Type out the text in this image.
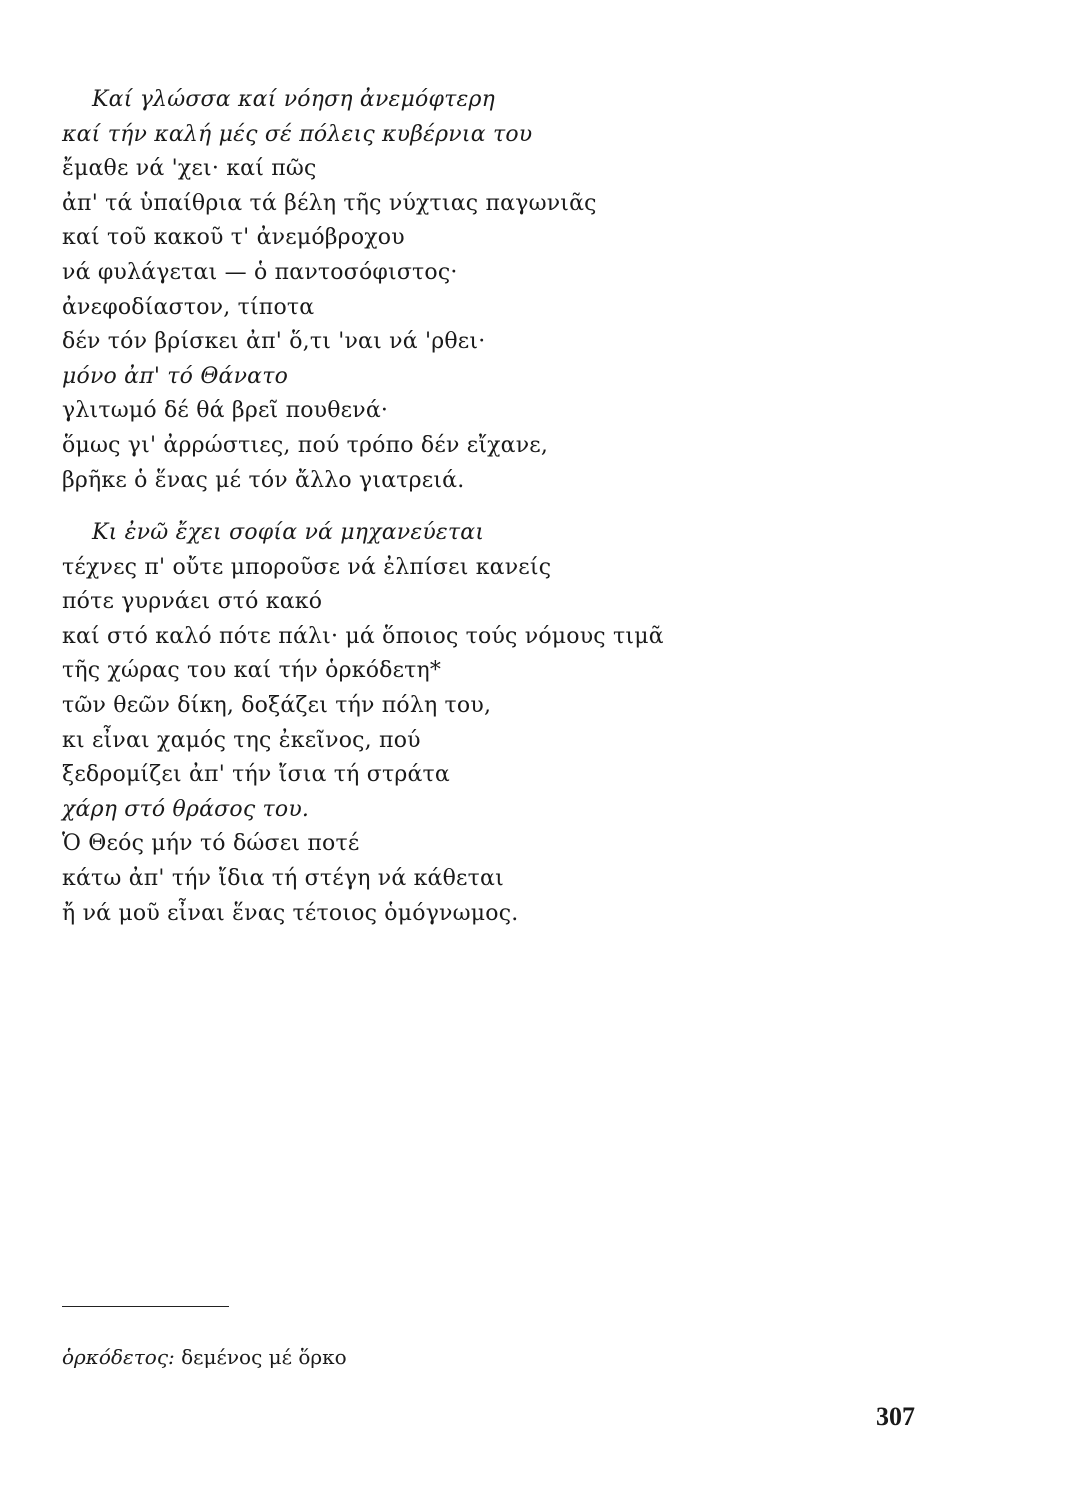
Καί γλώσσα καί νόηση ἀνεμόφτερη
καί τήν καλή μές σέ πόλεις κυβέρνια του
ἔμαθε νά 'χει· καί πῶς
ἀπ' τά ὑπαίθρια τά βέλη τῆς νύχτιας παγωνιᾶς
καί τοῦ κακοῦ τ' ἀνεμόβροχου
νά φυλάγεται — ὁ παντοσόφιστος·
ἀνεφοδίαστον, τίποτα
δέν τόν βρίσκει ἀπ' ὅ,τι 'ναι νά 'ρθει·
μόνο ἀπ' τό Θάνατο
γλιτωμό δέ θά βρεῖ πουθενά·
ὅμως γι' ἀρρώστιες, πού τρόπο δέν εἴχανε,
βρῆκε ὁ ἕνας μέ τόν ἄλλο γιατρειά.
Κι ἐνῶ ἔχει σοφία νά μηχανεύεται
τέχνες π' οὔτε μποροῦσε νά ἐλπίσει κανείς
πότε γυρνάει στό κακό
καί στό καλό πότε πάλι· μά ὅποιος τούς νόμους τιμᾶ
τῆς χώρας του καί τήν ὁρκόδετη*
τῶν θεῶν δίκη, δοξάζει τήν πόλη του,
κι εἶναι χαμός της ἐκεῖνος, πού
ξεδρομίζει ἀπ' τήν ἴσια τή στράτα
χάρη στό θράσος του.
Ὁ Θεός μήν τό δώσει ποτέ
κάτω ἀπ' τήν ἴδια τή στέγη νά κάθεται
ἤ νά μοῦ εἶναι ἕνας τέτοιος ὁμόγνωμος.
ὁρκόδετος: δεμένος μέ ὅρκο
307
